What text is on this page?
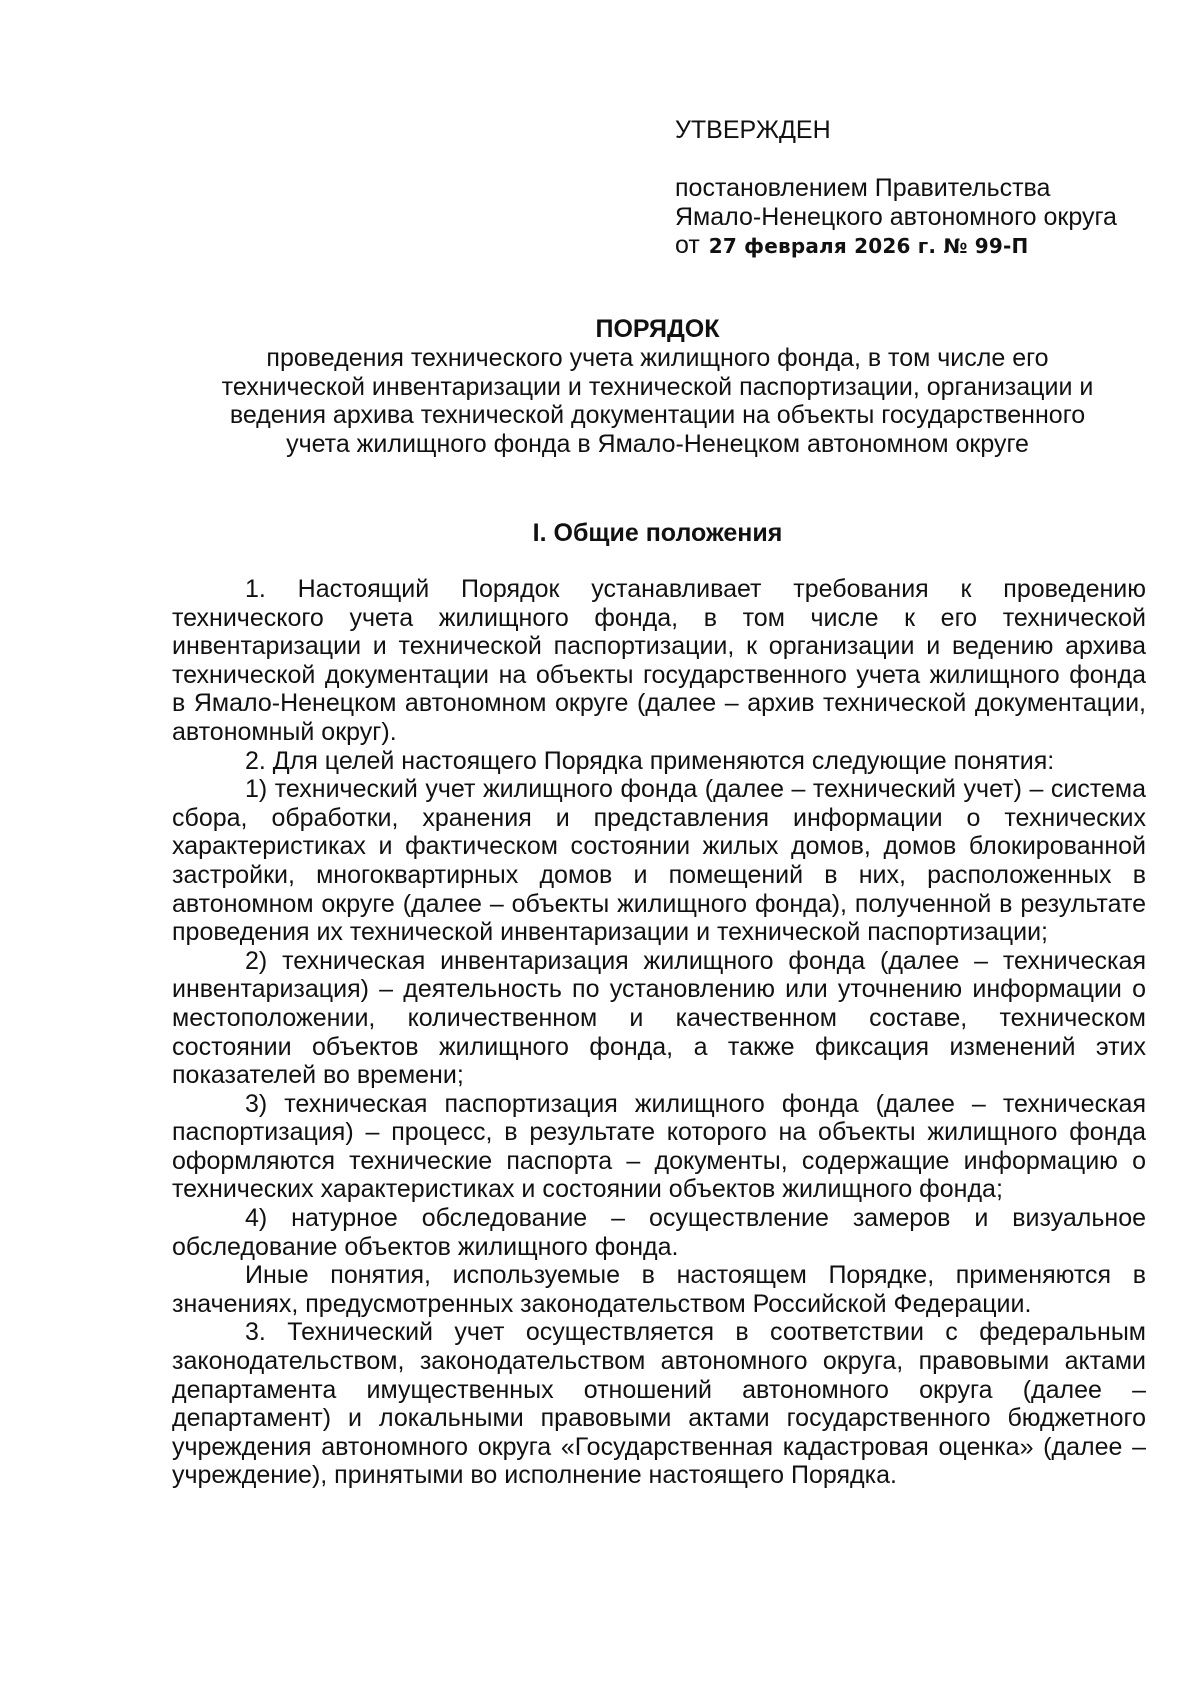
УТВЕРЖДЕН
постановлением Правительства
Ямало-Ненецкого автономного округа
от 27 февраля 2026 г. № 99-П
ПОРЯДОК
проведения технического учета жилищного фонда, в том числе его
технической инвентаризации и технической паспортизации, организации и
ведения архива технической документации на объекты государственного
учета жилищного фонда в Ямало-Ненецком автономном округе
I. Общие положения

1. Настоящий Порядок устанавливает требования к проведению технического учета жилищного фонда, в том числе к его технической инвентаризации и технической паспортизации, к организации и ведению архива технической документации на объекты государственного учета жилищного фонда в Ямало-Ненецком автономном округе (далее – архив технической документации, автономный округ).

2. Для целей настоящего Порядка применяются следующие понятия:

1) технический учет жилищного фонда (далее – технический учет) – система сбора, обработки, хранения и представления информации о технических характеристиках и фактическом состоянии жилых домов, домов блокированной застройки, многоквартирных домов и помещений в них, расположенных в автономном округе (далее – объекты жилищного фонда), полученной в результате проведения их технической инвентаризации и технической паспортизации;

2) техническая инвентаризация жилищного фонда (далее – техническая инвентаризация) – деятельность по установлению или уточнению информации о местоположении, количественном и качественном составе, техническом состоянии объектов жилищного фонда, а также фиксация изменений этих показателей во времени;

3) техническая паспортизация жилищного фонда (далее – техническая паспортизация) – процесс, в результате которого на объекты жилищного фонда оформляются технические паспорта – документы, содержащие информацию о технических характеристиках и состоянии объектов жилищного фонда;

4) натурное обследование – осуществление замеров и визуальное обследование объектов жилищного фонда.

Иные понятия, используемые в настоящем Порядке, применяются в значениях, предусмотренных законодательством Российской Федерации.

3. Технический учет осуществляется в соответствии с федеральным законодательством, законодательством автономного округа, правовыми актами департамента имущественных отношений автономного округа (далее – департамент) и локальными правовыми актами государственного бюджетного учреждения автономного округа «Государственная кадастровая оценка» (далее – учреждение), принятыми во исполнение настоящего Порядка.
